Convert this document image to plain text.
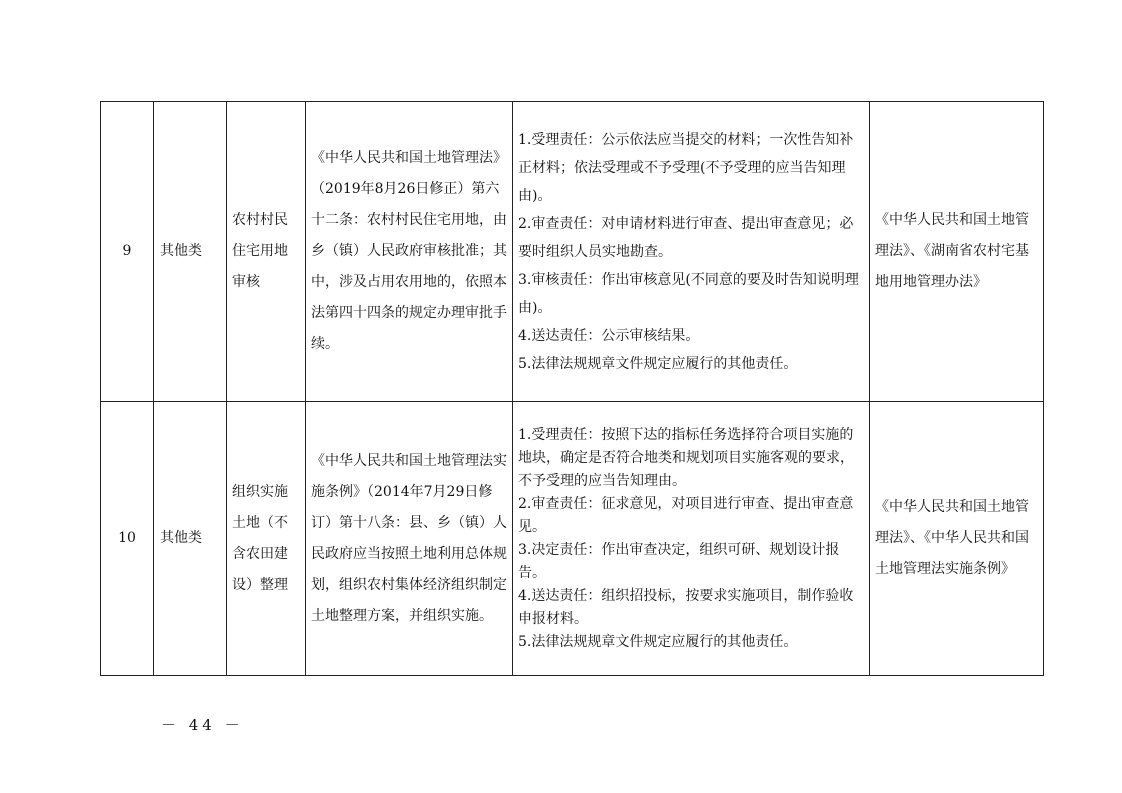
9	其他类	农村村民住宅用地审核	《中华人民共和国土地管理法》（2019年8月26日修正）第六十二条：农村村民住宅用地，由乡（镇）人民政府审核批准；其中，涉及占用农用地的，依照本法第四十四条的规定办理审批手续。	1.受理责任：公示依法应当提交的材料；一次性告知补正材料；依法受理或不予受理(不予受理的应当告知理由)。
2.审查责任：对申请材料进行审查、提出审查意见；必要时组织人员实地勘查。
3.审核责任：作出审核意见(不同意的要及时告知说明理由)。
4.送达责任：公示审核结果。
5.法律法规规章文件规定应履行的其他责任。	《中华人民共和国土地管理法》、《湖南省农村宅基地用地管理办法》
10	其他类	组织实施土地（不含农田建设）整理	《中华人民共和国土地管理法实施条例》（2014年7月29日修订）第十八条：县、乡（镇）人民政府应当按照土地利用总体规划，组织农村集体经济组织制定土地整理方案，并组织实施。	1.受理责任：按照下达的指标任务选择符合项目实施的地块，确定是否符合地类和规划项目实施客观的要求，不予受理的应当告知理由。
2.审查责任：征求意见，对项目进行审查、提出审查意见。
3.决定责任：作出审查决定，组织可研、规划设计报告。
4.送达责任：组织招投标，按要求实施项目，制作验收申报材料。
5.法律法规规章文件规定应履行的其他责任。	《中华人民共和国土地管理法》、《中华人民共和国土地管理法实施条例》
－ 44 －
